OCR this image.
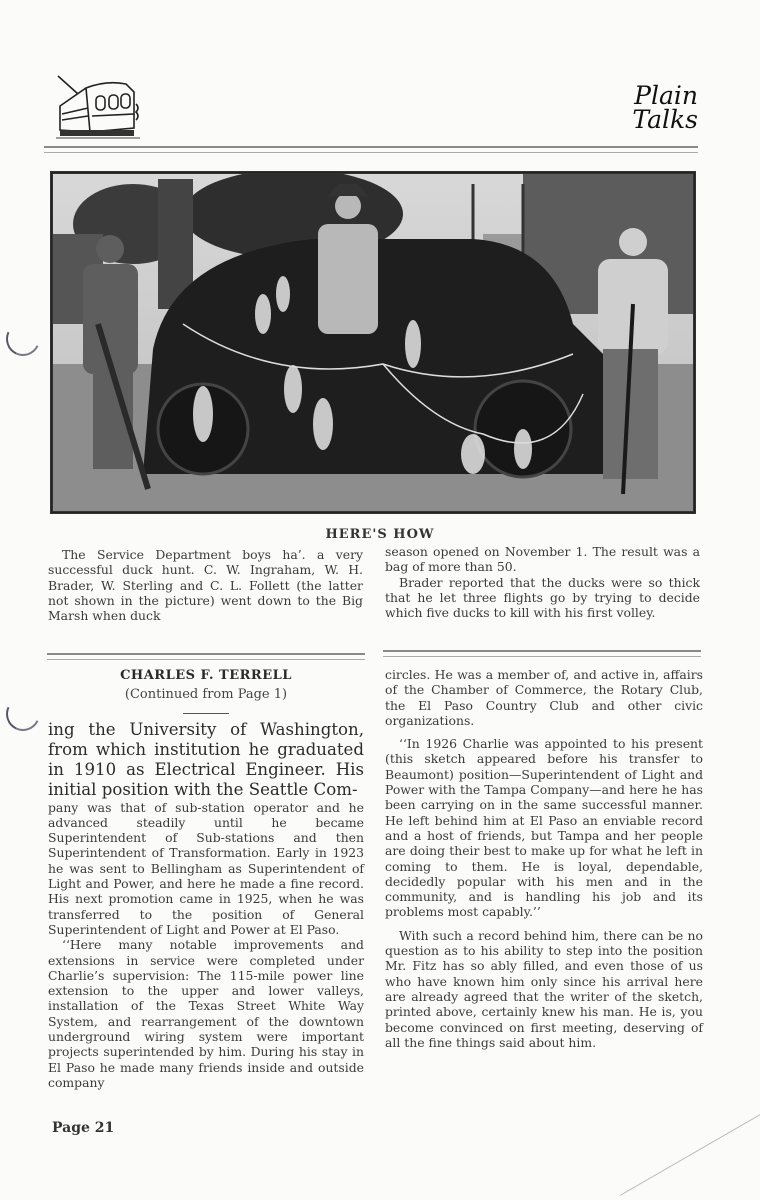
Plain
Talks
HERE'S HOW

The Service Department boys ha’. a very successful duck hunt. C. W. Ingraham, W. H. Brader, W. Sterling and C. L. Follett (the latter not shown in the picture) went down to the Big Marsh when duck

season opened on November 1. The result was a bag of more than 50.

Brader reported that the ducks were so thick that he let three flights go by trying to decide which five ducks to kill with his first volley.

CHARLES F. TERRELL
(Continued from Page 1)

ing the University of Washington, from which institution he graduated in 1910 as Electrical Engineer. His initial position with the Seattle Com-

pany was that of sub-station operator and he advanced steadily until he became Superintendent of Sub-stations and then Superintendent of Transformation. Early in 1923 he was sent to Bellingham as Superintendent of Light and Power, and here he made a fine record. His next promotion came in 1925, when he was transferred to the position of General Superintendent of Light and Power at El Paso.

‘‘Here many notable improvements and extensions in service were completed under Charlie’s supervision: The 115-mile power line extension to the upper and lower valleys, installation of the Texas Street White Way System, and rearrangement of the downtown underground wiring system were important projects superintended by him. During his stay in El Paso he made many friends inside and outside company

circles. He was a member of, and active in, affairs of the Chamber of Commerce, the Rotary Club, the El Paso Country Club and other civic organizations.

‘‘In 1926 Charlie was appointed to his present (this sketch appeared before his transfer to Beaumont) position—Superintendent of Light and Power with the Tampa Company—and here he has been carrying on in the same successful manner. He left behind him at El Paso an enviable record and a host of friends, but Tampa and her people are doing their best to make up for what he left in coming to them. He is loyal, dependable, decidedly popular with his men and in the community, and is handling his job and its problems most capably.’’

With such a record behind him, there can be no question as to his ability to step into the position Mr. Fitz has so ably filled, and even those of us who have known him only since his arrival here are already agreed that the writer of the sketch, printed above, certainly knew his man. He is, you become convinced on first meeting, deserving of all the fine things said about him.

Page 21
